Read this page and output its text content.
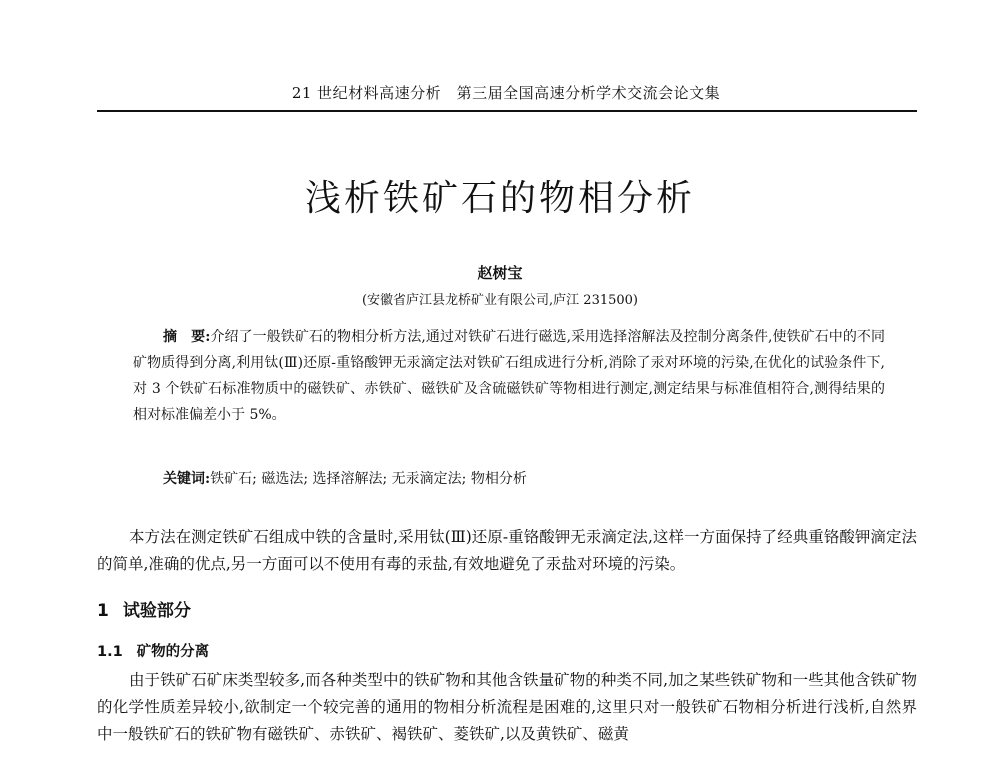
21 世纪材料高速分析　第三届全国高速分析学术交流会论文集
浅析铁矿石的物相分析
赵树宝
(安徽省庐江县龙桥矿业有限公司,庐江 231500)
摘　要:介绍了一般铁矿石的物相分析方法,通过对铁矿石进行磁选,采用选择溶解法及控制分离条件,使铁矿石中的不同矿物质得到分离,利用钛(Ⅲ)还原-重铬酸钾无汞滴定法对铁矿石组成进行分析,消除了汞对环境的污染,在优化的试验条件下,对 3 个铁矿石标准物质中的磁铁矿、赤铁矿、磁铁矿及含硫磁铁矿等物相进行测定,测定结果与标准值相符合,测得结果的相对标准偏差小于 5%。
关键词:铁矿石; 磁选法; 选择溶解法; 无汞滴定法; 物相分析
本方法在测定铁矿石组成中铁的含量时,采用钛(Ⅲ)还原-重铬酸钾无汞滴定法,这样一方面保持了经典重铬酸钾滴定法的简单,准确的优点,另一方面可以不使用有毒的汞盐,有效地避免了汞盐对环境的污染。
1 试验部分
1.1 矿物的分离
由于铁矿石矿床类型较多,而各种类型中的铁矿物和其他含铁量矿物的种类不同,加之某些铁矿物和一些其他含铁矿物的化学性质差异较小,欲制定一个较完善的通用的物相分析流程是困难的,这里只对一般铁矿石物相分析进行浅析,自然界中一般铁矿石的铁矿物有磁铁矿、赤铁矿、褐铁矿、菱铁矿,以及黄铁矿、磁黄
